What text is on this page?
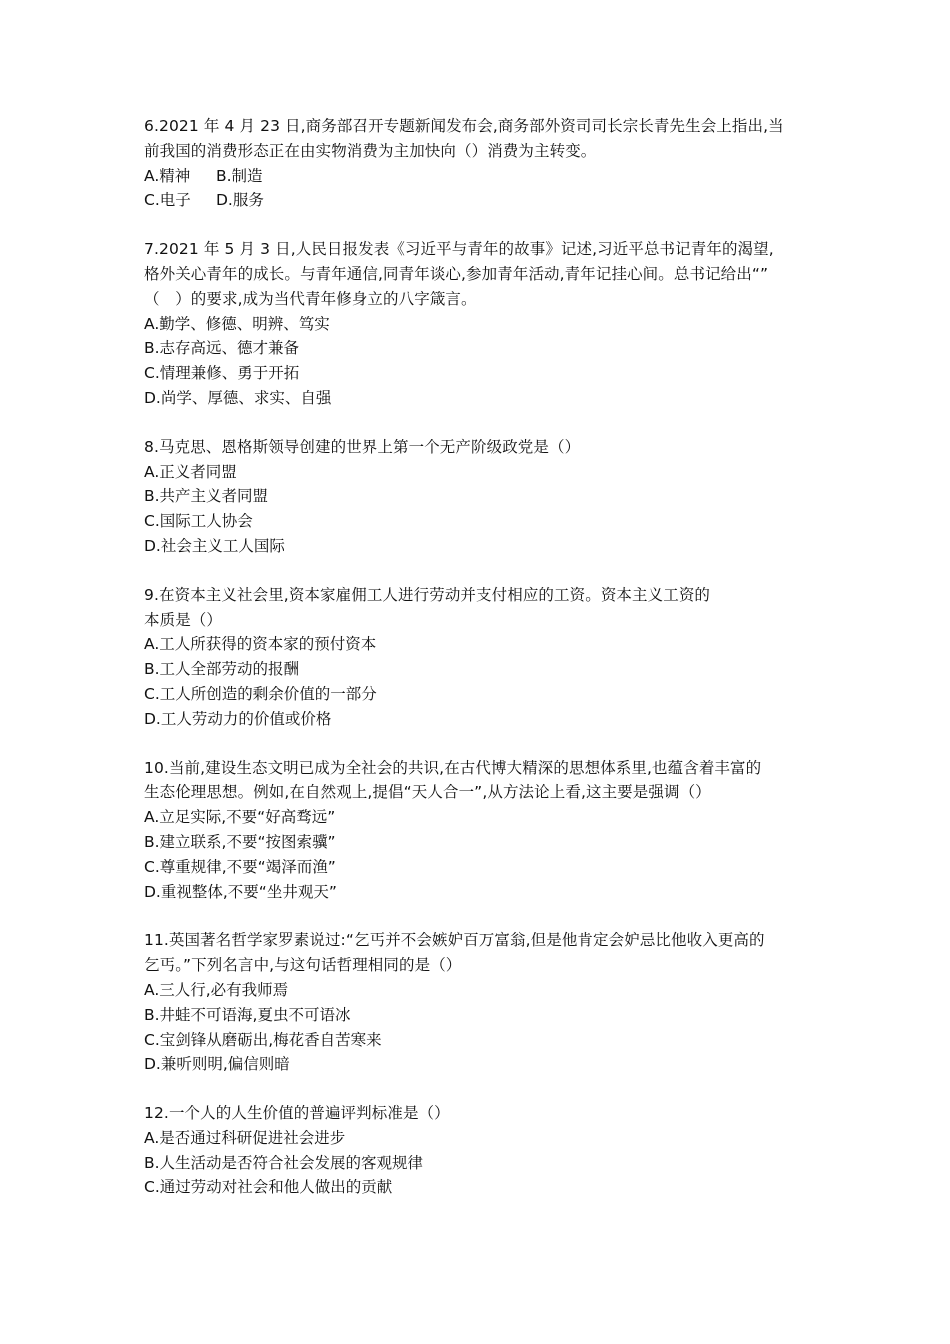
6.2021 年 4 月 23 日,商务部召开专题新闻发布会,商务部外资司司长宗长青先生会上指出,当
前我国的消费形态正在由实物消费为主加快向（）消费为主转变。
A.精神	B.制造
C.电子	D.服务
7.2021 年 5 月 3 日,人民日报发表《习近平与青年的故事》记述,习近平总书记青年的渴望,
格外关心青年的成长。与青年通信,同青年谈心,参加青年活动,青年记挂心间。总书记给出“”
（　）的要求,成为当代青年修身立的八字箴言。
A.勤学、修德、明辨、笃实
B.志存高远、德才兼备
C.情理兼修、勇于开拓
D.尚学、厚德、求实、自强
8.马克思、恩格斯领导创建的世界上第一个无产阶级政党是（）
A.正义者同盟
B.共产主义者同盟
C.国际工人协会
D.社会主义工人国际
9.在资本主义社会里,资本家雇佣工人进行劳动并支付相应的工资。资本主义工资的
本质是（）
A.工人所获得的资本家的预付资本
B.工人全部劳动的报酬
C.工人所创造的剩余价值的一部分
D.工人劳动力的价值或价格
10.当前,建设生态文明已成为全社会的共识,在古代博大精深的思想体系里,也蕴含着丰富的
生态伦理思想。例如,在自然观上,提倡“天人合一”,从方法论上看,这主要是强调（）
A.立足实际,不要“好高骛远”
B.建立联系,不要“按图索骥”
C.尊重规律,不要“竭泽而渔”
D.重视整体,不要“坐井观天”
11.英国著名哲学家罗素说过:“乞丐并不会嫉妒百万富翁,但是他肯定会妒忌比他收入更高的
乞丐。”下列名言中,与这句话哲理相同的是（）
A.三人行,必有我师焉
B.井蛙不可语海,夏虫不可语冰
C.宝剑锋从磨砺出,梅花香自苦寒来
D.兼听则明,偏信则暗
12.一个人的人生价值的普遍评判标准是（）
A.是否通过科研促进社会进步
B.人生活动是否符合社会发展的客观规律
C.通过劳动对社会和他人做出的贡献
